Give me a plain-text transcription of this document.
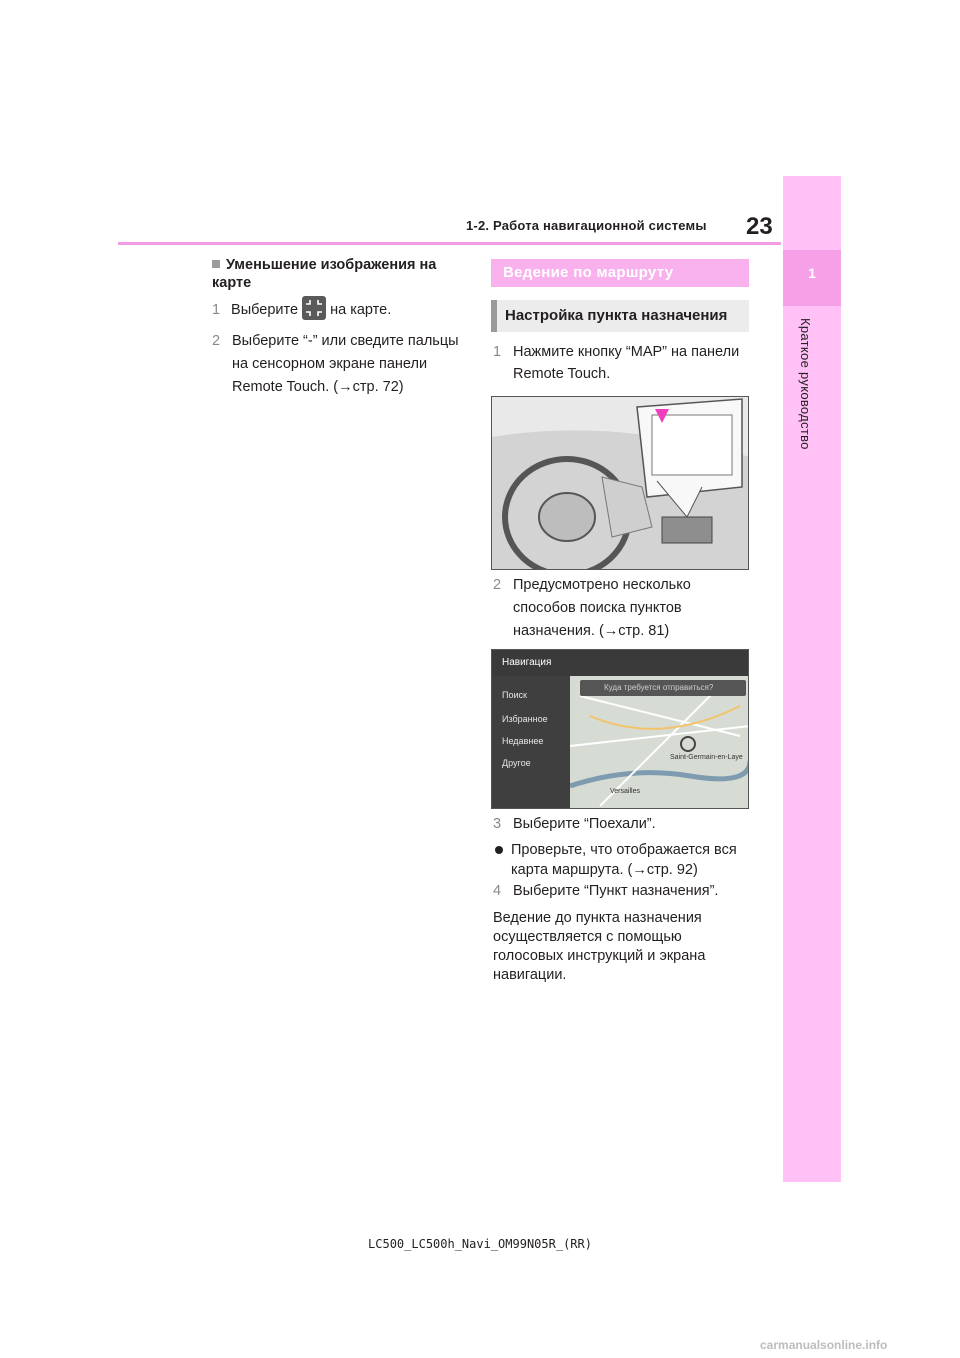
1-2. Работа навигационной системы 23
1
Краткое руководство
Уменьшение изображения на карте
1 Выберите на карте.
2 Выберите “-” или сведите пальцы на сенсорном экране панели Remote Touch. (→стр. 72)
Ведение по маршруту
Настройка пункта назначения
1 Нажмите кнопку “MAP” на панели Remote Touch.
2 Предусмотрено несколько способов поиска пунктов назначения. (→стр. 81)
Навигация
Поиск
Избранное
Недавнее
Другое
Saint-Germain-en-Laye
Versailles
Куда требуется отправиться?
3 Выберите “Поехали”.
Проверьте, что отображается вся карта маршрута. (→стр. 92)
4 Выберите “Пункт назначения”.
Ведение до пункта назначения осуществляется с помощью голосовых инструкций и экрана навигации.
LC500_LC500h_Navi_OM99N05R_(RR)
carmanualsonline.info
